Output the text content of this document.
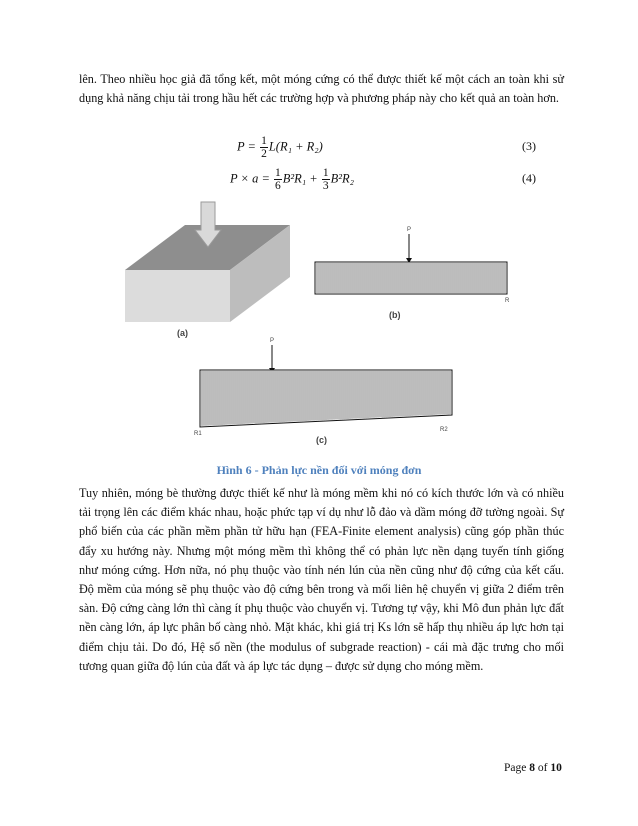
lên. Theo nhiều học giả đã tổng kết, một móng cứng có thể được thiết kế một cách an toàn khi sử dụng khả năng chịu tải trong hầu hết các trường hợp và phương pháp này cho kết quả an toàn hơn.

$P = \frac{1}{2} L(R_1 + R_2)$	(3)
$P \times a = \frac{1}{6} B^2R_1 + \frac{1}{3} B^2R_2$	(4)
(a)
P
R
(b)
P
R1
R2
(c)
Hình 6 - Phản lực nền đối với móng đơn

Tuy nhiên, móng bè thường được thiết kế như là móng mềm khi nó có kích thước lớn và có nhiều tải trọng lên các điểm khác nhau, hoặc phức tạp ví dụ như lỗ đảo và dầm móng đỡ tường ngoài. Sự phổ biến của các phần mềm phần tử hữu hạn (FEA-Finite element analysis) cũng góp phần thúc đẩy xu hướng này. Nhưng một móng mềm thì không thể có phản lực nền dạng tuyến tính giống như móng cứng. Hơn nữa, nó phụ thuộc vào tính nén lún của nền cũng như độ cứng của kết cấu. Độ mềm của móng sẽ phụ thuộc vào độ cứng bên trong và mối liên hệ chuyển vị giữa 2 điểm trên sàn. Độ cứng càng lớn thì càng ít phụ thuộc vào chuyển vị. Tương tự vậy, khi Mô đun phản lực đất nền càng lớn, áp lực phân bố càng nhỏ. Mặt khác, khi giá trị Ks lớn sẽ hấp thụ nhiều áp lực hơn tại điểm chịu tải. Do đó, Hệ số nền (the modulus of subgrade reaction) - cái mà đặc trưng cho mối tương quan giữa độ lún của đất và áp lực tác dụng – được sử dụng cho móng mềm.

Page 8 of 10
